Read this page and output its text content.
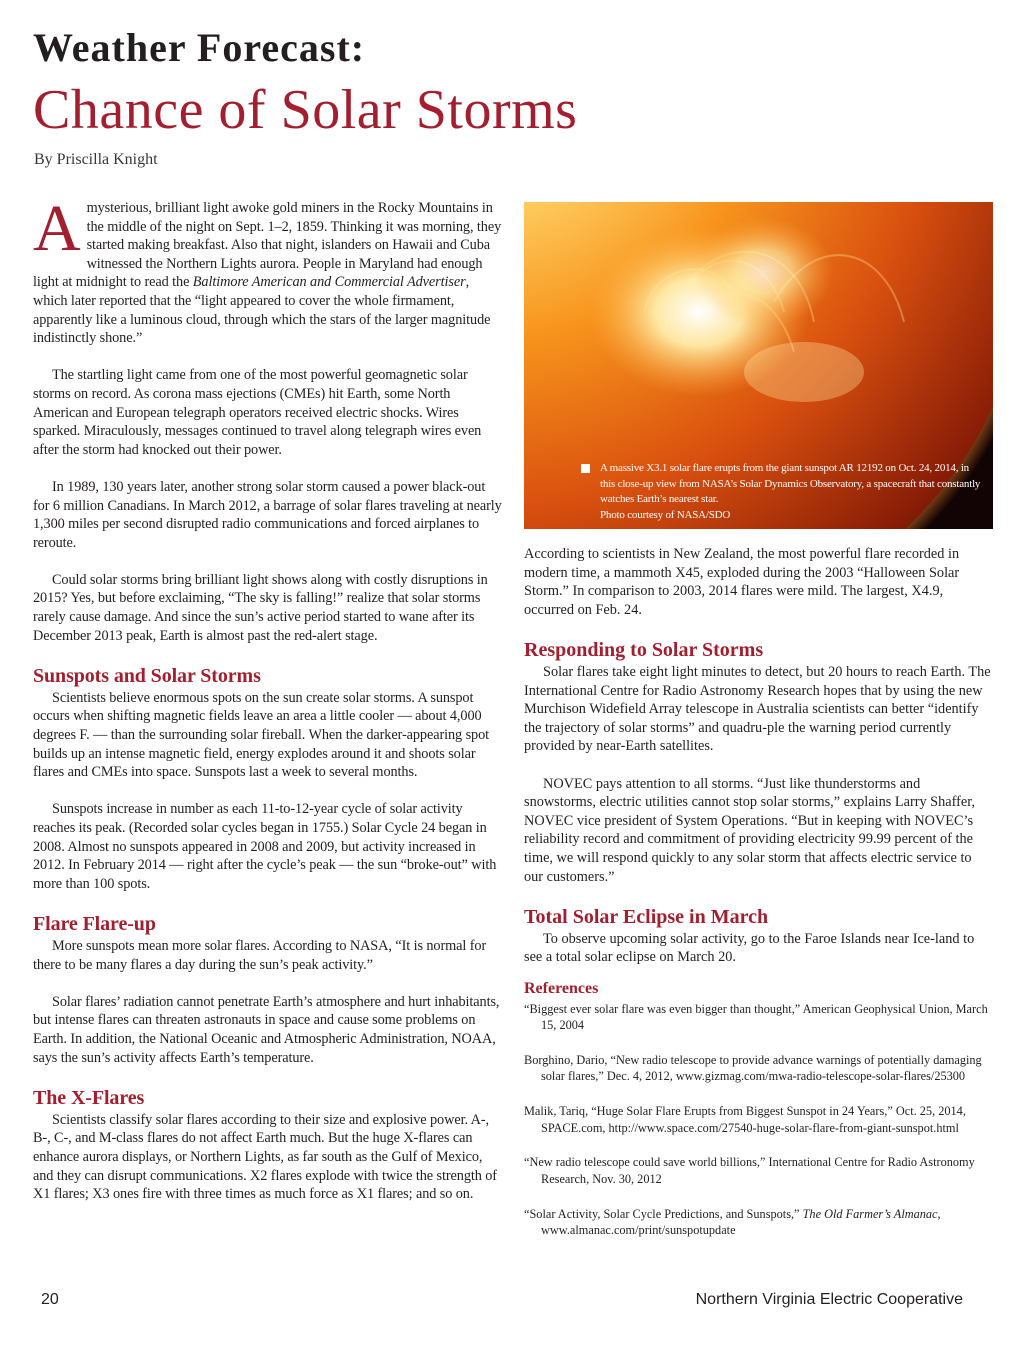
Weather Forecast:
Chance of Solar Storms
By Priscilla Knight

Amysterious, brilliant light awoke gold miners in the Rocky Mountains in the middle of the night on Sept. 1–2, 1859. Thinking it was morning, they started making breakfast. Also that night, islanders on Hawaii and Cuba witnessed the Northern Lights aurora. People in Maryland had enough light at midnight to read the Baltimore American and Commercial Advertiser, which later reported that the “light appeared to cover the whole firmament, apparently like a luminous cloud, through which the stars of the larger magnitude indistinctly shone.”

The startling light came from one of the most powerful geomagnetic solar storms on record. As corona mass ejections (CMEs) hit Earth, some North American and European telegraph operators received electric shocks. Wires sparked. Miraculously, messages continued to travel along telegraph wires even after the storm had knocked out their power.

In 1989, 130 years later, another strong solar storm caused a power black-out for 6 million Canadians. In March 2012, a barrage of solar flares traveling at nearly 1,300 miles per second disrupted radio communications and forced airplanes to reroute.

Could solar storms bring brilliant light shows along with costly disruptions in 2015? Yes, but before exclaiming, “The sky is falling!” realize that solar storms rarely cause damage. And since the sun’s active period started to wane after its December 2013 peak, Earth is almost past the red-alert stage.

Sunspots and Solar Storms

Scientists believe enormous spots on the sun create solar storms. A sunspot occurs when shifting magnetic fields leave an area a little cooler — about 4,000 degrees F. — than the surrounding solar fireball. When the darker-appearing spot builds up an intense magnetic field, energy explodes around it and shoots solar flares and CMEs into space. Sunspots last a week to several months.

Sunspots increase in number as each 11-to-12-year cycle of solar activity reaches its peak. (Recorded solar cycles began in 1755.) Solar Cycle 24 began in 2008. Almost no sunspots appeared in 2008 and 2009, but activity increased in 2012. In February 2014 — right after the cycle’s peak — the sun “broke-out” with more than 100 spots.

Flare Flare-up

More sunspots mean more solar flares. According to NASA, “It is normal for there to be many flares a day during the sun’s peak activity.”

Solar flares’ radiation cannot penetrate Earth’s atmosphere and hurt inhabitants, but intense flares can threaten astronauts in space and cause some problems on Earth. In addition, the National Oceanic and Atmospheric Administration, NOAA, says the sun’s activity affects Earth’s temperature.

The X-Flares

Scientists classify solar flares according to their size and explosive power. A-, B-, C-, and M-class flares do not affect Earth much. But the huge X-flares can enhance aurora displays, or Northern Lights, as far south as the Gulf of Mexico, and they can disrupt communications. X2 flares explode with twice the strength of X1 flares; X3 ones fire with three times as much force as X1 flares; and so on.

A massive X3.1 solar flare erupts from the giant sunspot AR 12192 on Oct. 24, 2014, in this close-up view from NASA’s Solar Dynamics Observatory, a spacecraft that constantly watches Earth’s nearest star.
Photo courtesy of NASA/SDO

According to scientists in New Zealand, the most powerful flare recorded in modern time, a mammoth X45, exploded during the 2003 “Halloween Solar Storm.” In comparison to 2003, 2014 flares were mild. The largest, X4.9, occurred on Feb. 24.

Responding to Solar Storms

Solar flares take eight light minutes to detect, but 20 hours to reach Earth. The International Centre for Radio Astronomy Research hopes that by using the new Murchison Widefield Array telescope in Australia scientists can better “identify the trajectory of solar storms” and quadru-ple the warning period currently provided by near-Earth satellites.

NOVEC pays attention to all storms. “Just like thunderstorms and snowstorms, electric utilities cannot stop solar storms,” explains Larry Shaffer, NOVEC vice president of System Operations. “But in keeping with NOVEC’s reliability record and commitment of providing electricity 99.99 percent of the time, we will respond quickly to any solar storm that affects electric service to our customers.”

Total Solar Eclipse in March

To observe upcoming solar activity, go to the Faroe Islands near Ice-land to see a total solar eclipse on March 20.

References

“Biggest ever solar flare was even bigger than thought,” American Geophysical Union, March 15, 2004

Borghino, Dario, “New radio telescope to provide advance warnings of potentially damaging solar flares,” Dec. 4, 2012, www.gizmag.com/mwa-radio-telescope-solar-flares/25300

Malik, Tariq, “Huge Solar Flare Erupts from Biggest Sunspot in 24 Years,” Oct. 25, 2014, SPACE.com, http://www.space.com/27540-huge-solar-flare-from-giant-sunspot.html

“New radio telescope could save world billions,” International Centre for Radio Astronomy Research, Nov. 30, 2012

“Solar Activity, Solar Cycle Predictions, and Sunspots,” The Old Farmer’s Almanac, www.almanac.com/print/sunspotupdate

20	Northern Virginia Electric Cooperative
